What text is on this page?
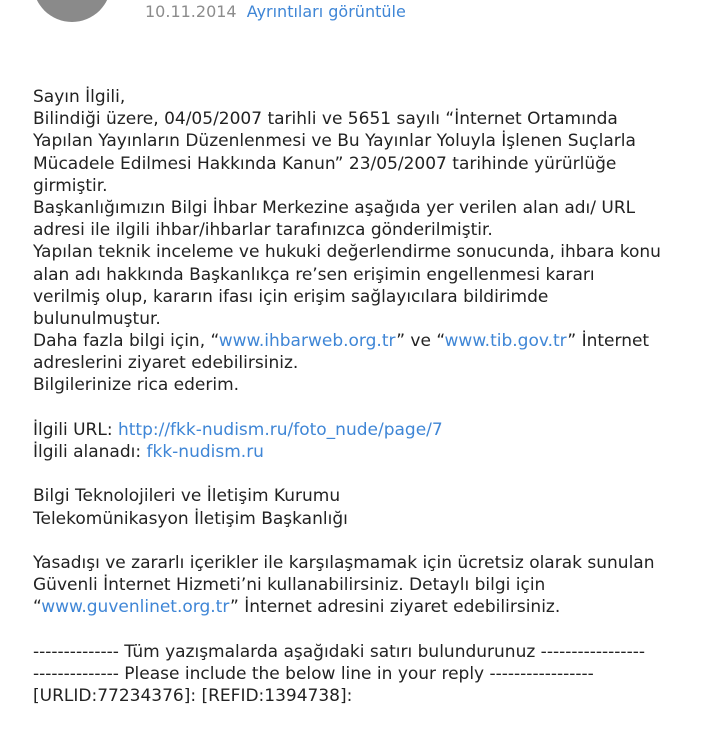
10.11.2014 Ayrıntıları görüntüle
Sayın İlgili,
Bilindiği üzere, 04/05/2007 tarihli ve 5651 sayılı “İnternet Ortamında
Yapılan Yayınların Düzenlenmesi ve Bu Yayınlar Yoluyla İşlenen Suçlarla
Mücadele Edilmesi Hakkında Kanun” 23/05/2007 tarihinde yürürlüğe
girmiştir.
Başkanlığımızın Bilgi İhbar Merkezine aşağıda yer verilen alan adı/ URL
adresi ile ilgili ihbar/ihbarlar tarafınızca gönderilmiştir.
Yapılan teknik inceleme ve hukuki değerlendirme sonucunda, ihbara konu
alan adı hakkında Başkanlıkça re’sen erişimin engellenmesi kararı
verilmiş olup, kararın ifası için erişim sağlayıcılara bildirimde
bulunulmuştur.
Daha fazla bilgi için, “www.ihbarweb.org.tr” ve “www.tib.gov.tr” İnternet
adreslerini ziyaret edebilirsiniz.
Bilgilerinize rica ederim.
İlgili URL: http://fkk-nudism.ru/foto_nude/page/7
İlgili alanadı: fkk-nudism.ru
Bilgi Teknolojileri ve İletişim Kurumu
Telekomünikasyon İletişim Başkanlığı
Yasadışı ve zararlı içerikler ile karşılaşmamak için ücretsiz olarak sunulan
Güvenli İnternet Hizmeti’ni kullanabilirsiniz. Detaylı bilgi için
“www.guvenlinet.org.tr” İnternet adresini ziyaret edebilirsiniz.
-------------- Tüm yazışmalarda aşağıdaki satırı bulundurunuz -----------------
-------------- Please include the below line in your reply -----------------
[URLID:77234376]: [REFID:1394738]:
